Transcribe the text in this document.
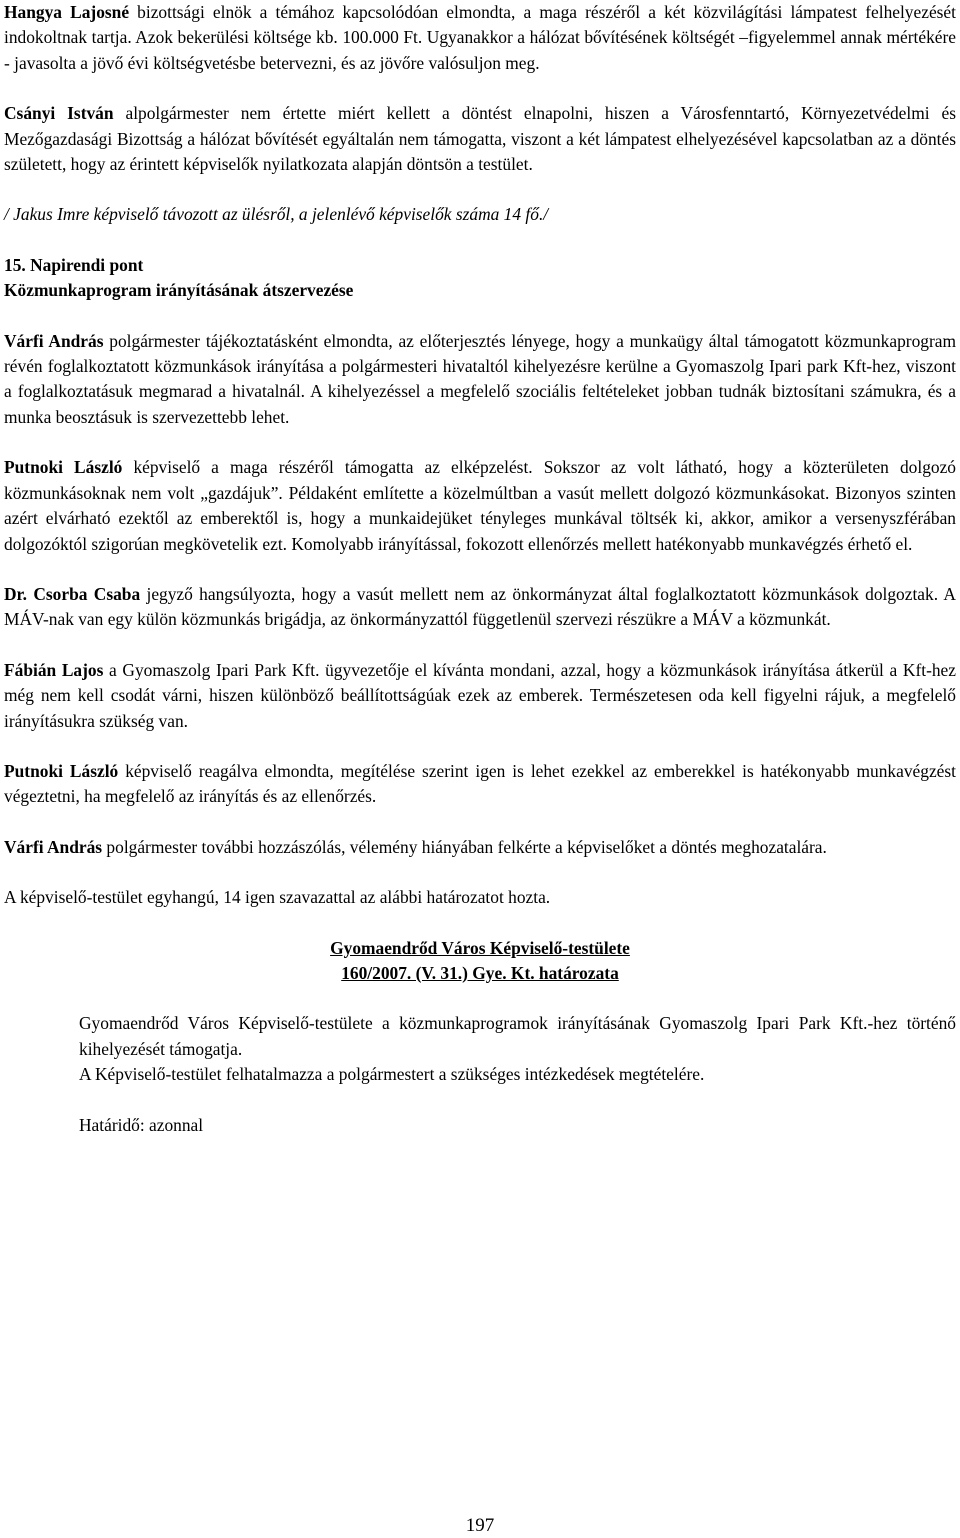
Hangya Lajosné bizottsági elnök a témához kapcsolódóan elmondta, a maga részéről a két közvilágítási lámpatest felhelyezését indokoltnak tartja. Azok bekerülési költsége kb. 100.000 Ft. Ugyanakkor a hálózat bővítésének költségét –figyelemmel annak mértékére - javasolta a jövő évi költségvetésbe betervezni, és az jövőre valósuljon meg.

Csányi István alpolgármester nem értette miért kellett a döntést elnapolni, hiszen a Városfenntartó, Környezetvédelmi és Mezőgazdasági Bizottság a hálózat bővítését egyáltalán nem támogatta, viszont a két lámpatest elhelyezésével kapcsolatban az a döntés született, hogy az érintett képviselők nyilatkozata alapján döntsön a testület.

/ Jakus Imre képviselő távozott az ülésről, a jelenlévő képviselők száma 14 fő./

15. Napirendi pont

Közmunkaprogram irányításának átszervezése

Várfi András polgármester tájékoztatásként elmondta, az előterjesztés lényege, hogy a munkaügy által támogatott közmunkaprogram révén foglalkoztatott közmunkások irányítása a polgármesteri hivataltól kihelyezésre kerülne a Gyomaszolg Ipari park Kft-hez, viszont a foglalkoztatásuk megmarad a hivatalnál. A kihelyezéssel a megfelelő szociális feltételeket jobban tudnák biztosítani számukra, és a munka beosztásuk is szervezettebb lehet.

Putnoki László képviselő a maga részéről támogatta az elképzelést. Sokszor az volt látható, hogy a közterületen dolgozó közmunkásoknak nem volt „gazdájuk”. Példaként említette a közelmúltban a vasút mellett dolgozó közmunkásokat. Bizonyos szinten azért elvárható ezektől az emberektől is, hogy a munkaidejüket tényleges munkával töltsék ki, akkor, amikor a versenyszférában dolgozóktól szigorúan megkövetelik ezt. Komolyabb irányítással, fokozott ellenőrzés mellett hatékonyabb munkavégzés érhető el.

Dr. Csorba Csaba jegyző hangsúlyozta, hogy a vasút mellett nem az önkormányzat által foglalkoztatott közmunkások dolgoztak. A MÁV-nak van egy külön közmunkás brigádja, az önkormányzattól függetlenül szervezi részükre a MÁV a közmunkát.

Fábián Lajos a Gyomaszolg Ipari Park Kft. ügyvezetője el kívánta mondani, azzal, hogy a közmunkások irányítása átkerül a Kft-hez még nem kell csodát várni, hiszen különböző beállítottságúak ezek az emberek. Természetesen oda kell figyelni rájuk, a megfelelő irányításukra szükség van.

Putnoki László képviselő reagálva elmondta, megítélése szerint igen is lehet ezekkel az emberekkel is hatékonyabb munkavégzést végeztetni, ha megfelelő az irányítás és az ellenőrzés.

Várfi András polgármester további hozzászólás, vélemény hiányában felkérte a képviselőket a döntés meghozatalára.

A képviselő-testület egyhangú, 14 igen szavazattal az alábbi határozatot hozta.

Gyomaendrőd Város Képviselő-testülete

160/2007. (V. 31.) Gye. Kt. határozata

Gyomaendrőd Város Képviselő-testülete a közmunkaprogramok irányításának Gyomaszolg Ipari Park Kft.-hez történő kihelyezését támogatja.

A Képviselő-testület felhatalmazza a polgármestert a szükséges intézkedések megtételére.

Határidő: azonnal

197
